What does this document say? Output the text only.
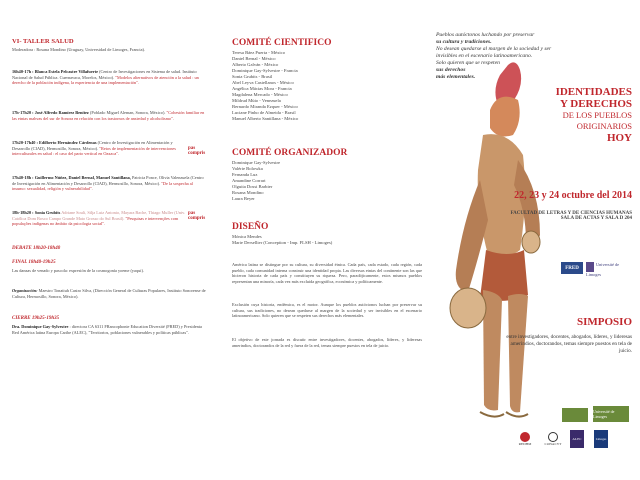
VI- TALLER SALUD
Moderadora : Rosana Mondino (Uruguay, Universidad de Limoges, Francia).
16h40-17h : Blanca Estela Pelcastre Villafuerte (Centro de Investigaciones en Sistema de salud. Instituto Nacional de Salud Pública. Cuernavaca, Morelos, México). "Modelos alternativos de atención a la salud : un derecho de la población indígena, la experiencia de una implementación".
17h-17h20 : José Alfredo Ramírez Benítez (Poblado Miguel Aleman, Sonora, México). "Cohesión familiar en las etnias mahvas del sur de Sonora en relación con los trastornos de ansiedad y alcoholismo".
17h20-17h40 : Edilberto Hernández Cárdenas (Centro de Investigación en Alimentación y Desarrollo (CIAD), Hermosillo, Sonora, México). "Retos de implementación de intervenciones interculturales en salud : el caso del parto vertical en Oaxaca".
pas compris
17h40-18h : Guillermo Núñez, Daniel Bernal, Manuel Santillana, Patricia Ponce, Olivia Valenzuela (Centro de Investigación en Alimentación y Desarrollo (CIAD), Hermosillo, Sonora, México). "De la sospecha al insumo: sexualidad, religión y vulnerabilidad".
18h-18h20 : Sonia Grubits Adriane Souli, Silja Luiz Antonio, Mayara Bache, Thiago Muller (Univ. Católica Dom Bosco Campo Grande Mato Grosso do Sul Brasil). "Pesquisas e intervenções com populações indígenas no âmbito da psicologia social".
pas compris
DEBATE 18h20-18h40
FINAL 18h40-19h25
Las danzas de venado y pascola: expresión de la cosmogonía yoeme (yaqui).
Organización: Maestro Tonatiuh Castro Silva, (Dirección General de Culturas Populares, Instituto Sonorense de Cultura, Hermosillo, Sonora, México).
CIERRE 19h25-19h35
Dra. Dominique Gay-Sylvestre : directora CA 6311 FRancophonie Education Diversité (FRED) y Presidenta Red América latina Europa Caribe (ALEC), "Territorios, poblaciones vulnerables y políticas públicas".
COMITÉ CIENTIFICO
Teresa Báez Puerta - México
Daniel Bernal - México
Alberto Galván - México
Dominique Gay-Sylvestre - Francia
Sonia Grubits - Brasil
Abel Leyva Castellanos - México
Angélica Mácias Mora - Francia
Magdalena Mercado - México
Mildrud Müto - Venezuela
Bernardo Miranda Ezquer - México
Luciane Pinho de Almeida - Brasil
Manuel Alberto Santillana - México
COMITÉ ORGANIZADOR
Dominique Gay-Sylvestre
Valérie Bolowka
Fernanda Luz
Amandine Corrari
Olguita Dossi Barbier
Rosana Mondino
Laura Beyer
DISEÑO
Mónica Mendes
Marie Dersellier (Conception - Imp. FLSH - Limoges)
América latina se distingue por su cultura, su diversidad étnica. Cada país, cada estado, cada región, cada pueblo, cada comunidad interna construir una identidad propia. Las diversas etnias del continente son las que hicieron historia de cada país y constituyen su riqueza. Pero, paradójicamente, estos mismos pueblos representan una minoría, cada vez más excluida geográfica, económica y políticamente.
Exclusión cuya historia, endémica, es el motor. Aunque los pueblos autóctonos luchan por preservar su cultura, sus tradiciones, no desean quedarse al margen de la sociedad y ser invisibles en el escenario latinoamericano. Solo quieren que se respeten sus derechos más elementales.
El objetivo de este jornada es discutir entre investigadores, docentes, abogados, líderes, y lideresas amerindios, doctorandos de la red y fuera de la red, temas siempre puestos en tela de juicio.
Pueblos autóctonos luchando por preservar
su cultura y tradiciones.
No desean quedarse al margen de la sociedad y ser
invisibles en el escenario latinoamericano.
Solo quieren que se respeten
sus derechos
más elementales.
IDENTIDADES
Y DERECHOS
DE LOS PUEBLOS
ORIGINARIOS
HOY
22, 23 y 24 octubre del 2014
FACULTAD DE LETRAS Y DE CIENCIAS HUMANAS
SALA DE ACTAS Y SALA D 204
FRED
Université de Limoges
SIMPOSIO
entre investigadores, docentes, abogados, líderes, y lideresas amerindios, doctorandos, temas siempre puestos en tela de juicio.
Université de Limoges
REDHM	CONACYT
ALEC	Limoges
